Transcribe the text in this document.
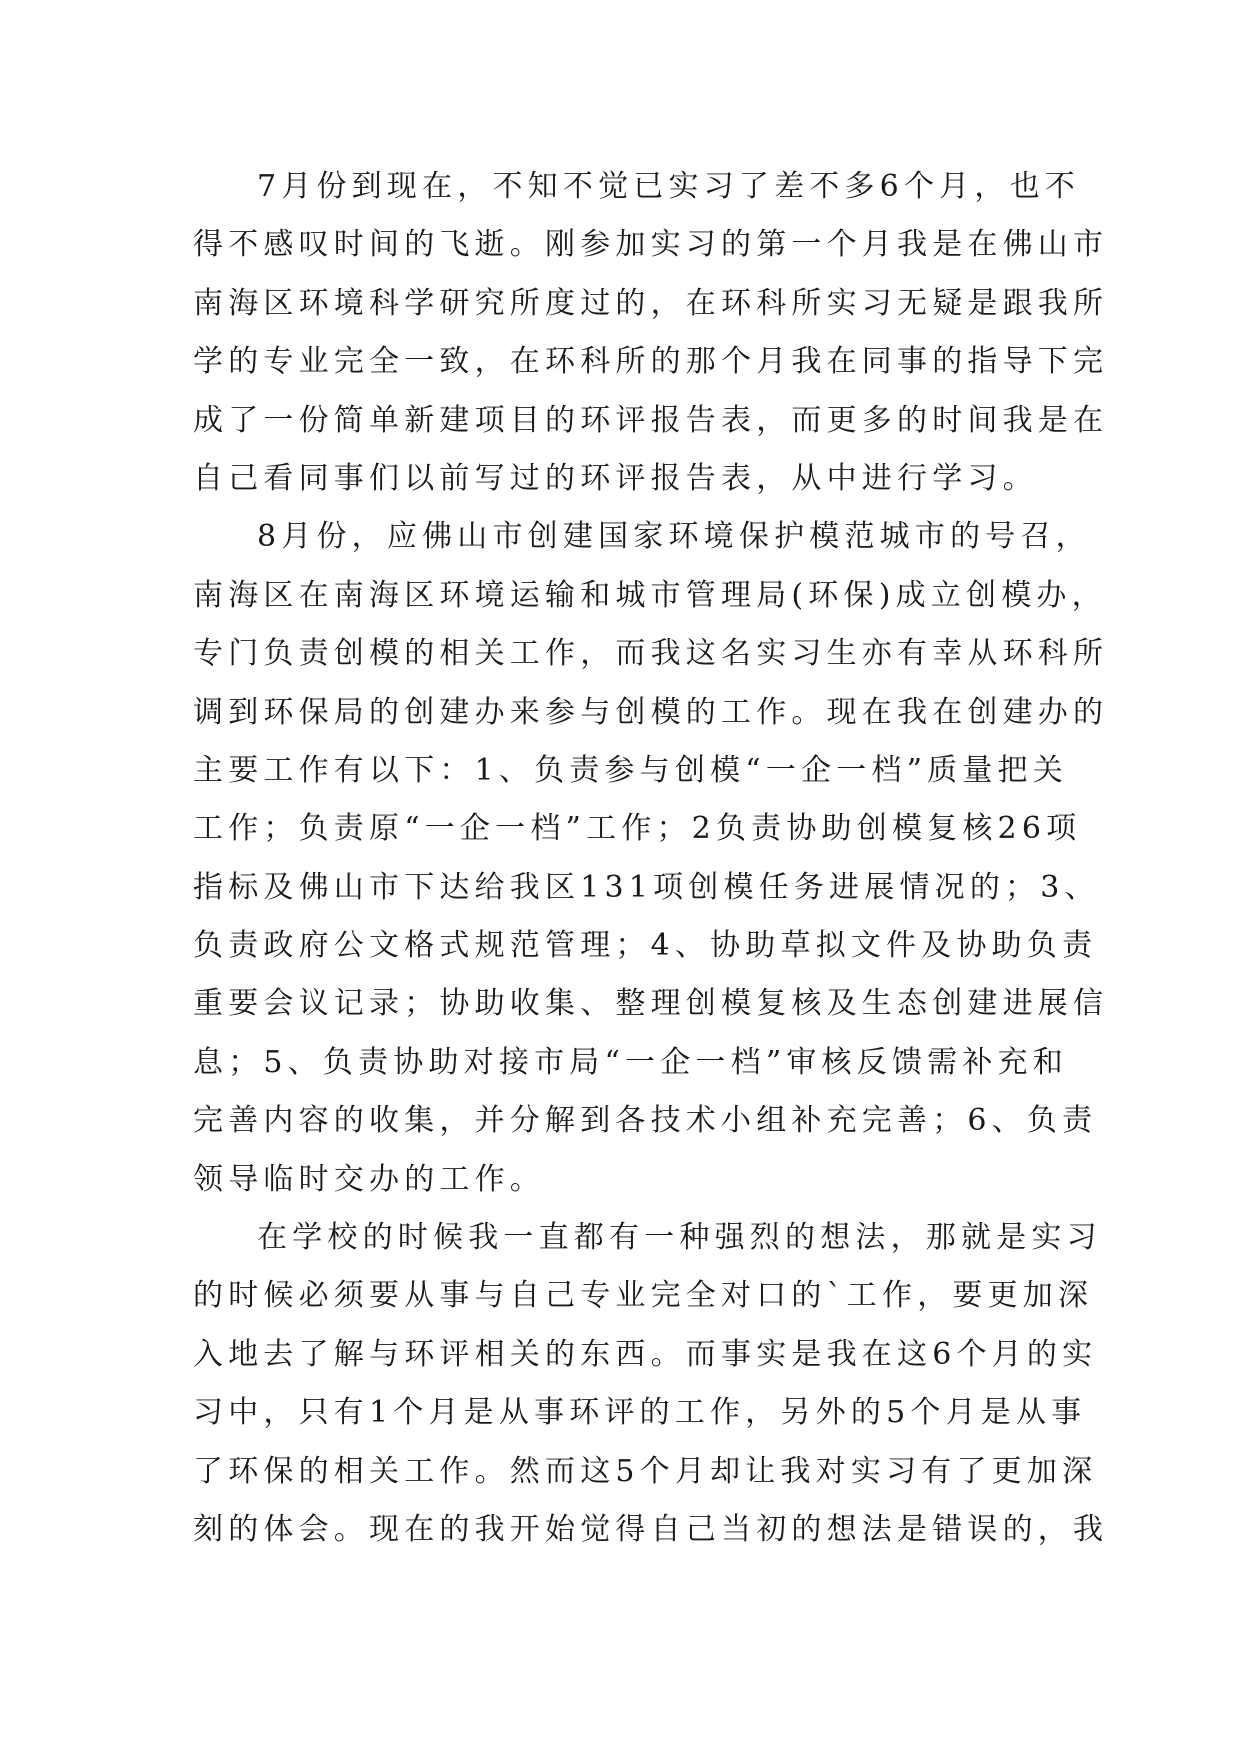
7月份到现在，不知不觉已实习了差不多6个月，也不
得不感叹时间的飞逝。刚参加实习的第一个月我是在佛山市
南海区环境科学研究所度过的，在环科所实习无疑是跟我所
学的专业完全一致，在环科所的那个月我在同事的指导下完
成了一份简单新建项目的环评报告表，而更多的时间我是在
自己看同事们以前写过的环评报告表，从中进行学习。
8月份，应佛山市创建国家环境保护模范城市的号召，
南海区在南海区环境运输和城市管理局(环保)成立创模办，
专门负责创模的相关工作，而我这名实习生亦有幸从环科所
调到环保局的创建办来参与创模的工作。现在我在创建办的
主要工作有以下：1、负责参与创模“一企一档”质量把关
工作；负责原“一企一档”工作；2负责协助创模复核26项
指标及佛山市下达给我区131项创模任务进展情况的；3、
负责政府公文格式规范管理；4、协助草拟文件及协助负责
重要会议记录；协助收集、整理创模复核及生态创建进展信
息；5、负责协助对接市局“一企一档”审核反馈需补充和
完善内容的收集，并分解到各技术小组补充完善；6、负责
领导临时交办的工作。
在学校的时候我一直都有一种强烈的想法，那就是实习
的时候必须要从事与自己专业完全对口的`工作，要更加深
入地去了解与环评相关的东西。而事实是我在这6个月的实
习中，只有1个月是从事环评的工作，另外的5个月是从事
了环保的相关工作。然而这5个月却让我对实习有了更加深
刻的体会。现在的我开始觉得自己当初的想法是错误的，我
